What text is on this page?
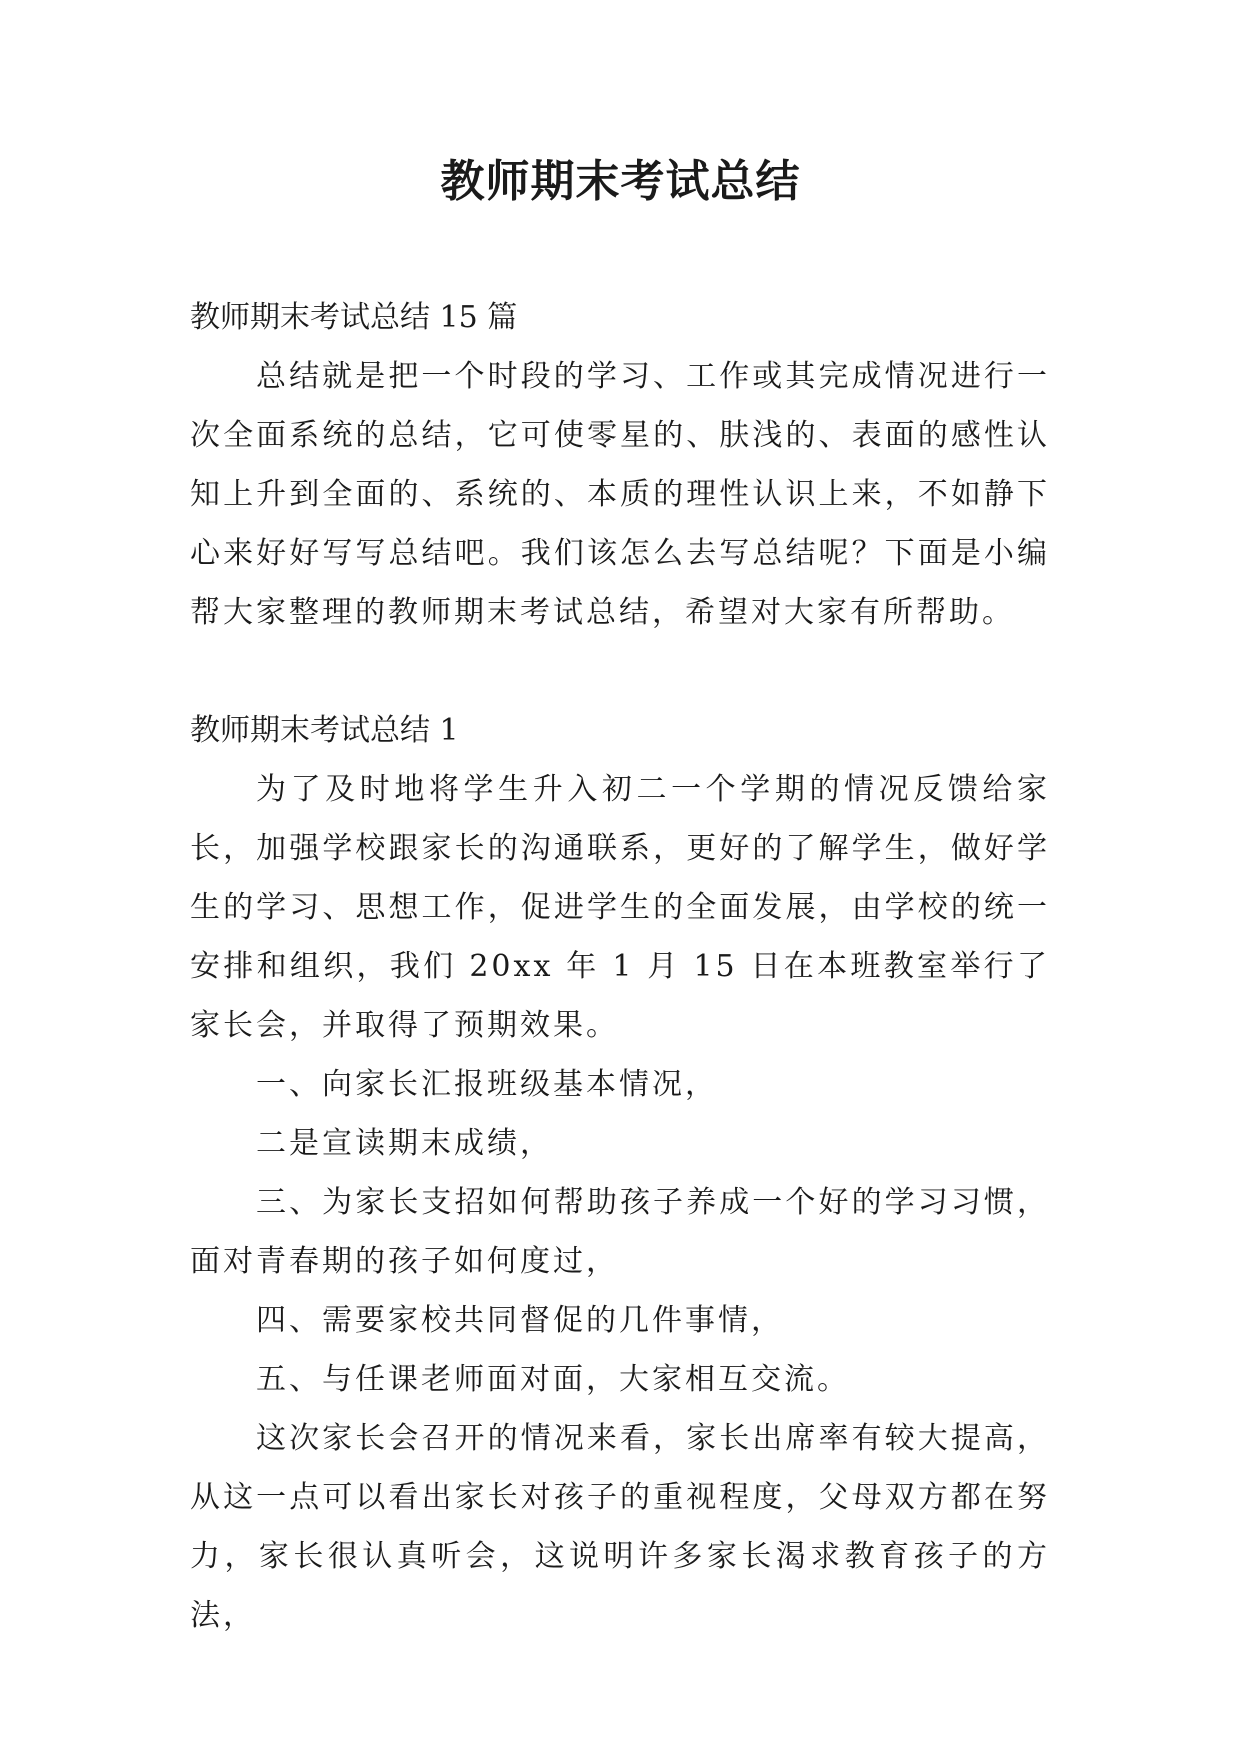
教师期末考试总结

教师期末考试总结 15 篇

总结就是把一个时段的学习、工作或其完成情况进行一次全面系统的总结，它可使零星的、肤浅的、表面的感性认知上升到全面的、系统的、本质的理性认识上来，不如静下心来好好写写总结吧。我们该怎么去写总结呢？下面是小编帮大家整理的教师期末考试总结，希望对大家有所帮助。

教师期末考试总结 1

为了及时地将学生升入初二一个学期的情况反馈给家长，加强学校跟家长的沟通联系，更好的了解学生，做好学生的学习、思想工作，促进学生的全面发展，由学校的统一安排和组织，我们 20xx 年 1 月 15 日在本班教室举行了家长会，并取得了预期效果。

一、向家长汇报班级基本情况，

二是宣读期末成绩，

三、为家长支招如何帮助孩子养成一个好的学习习惯，面对青春期的孩子如何度过，

四、需要家校共同督促的几件事情，

五、与任课老师面对面，大家相互交流。

这次家长会召开的情况来看，家长出席率有较大提高，从这一点可以看出家长对孩子的重视程度，父母双方都在努力，家长很认真听会，这说明许多家长渴求教育孩子的方法，
